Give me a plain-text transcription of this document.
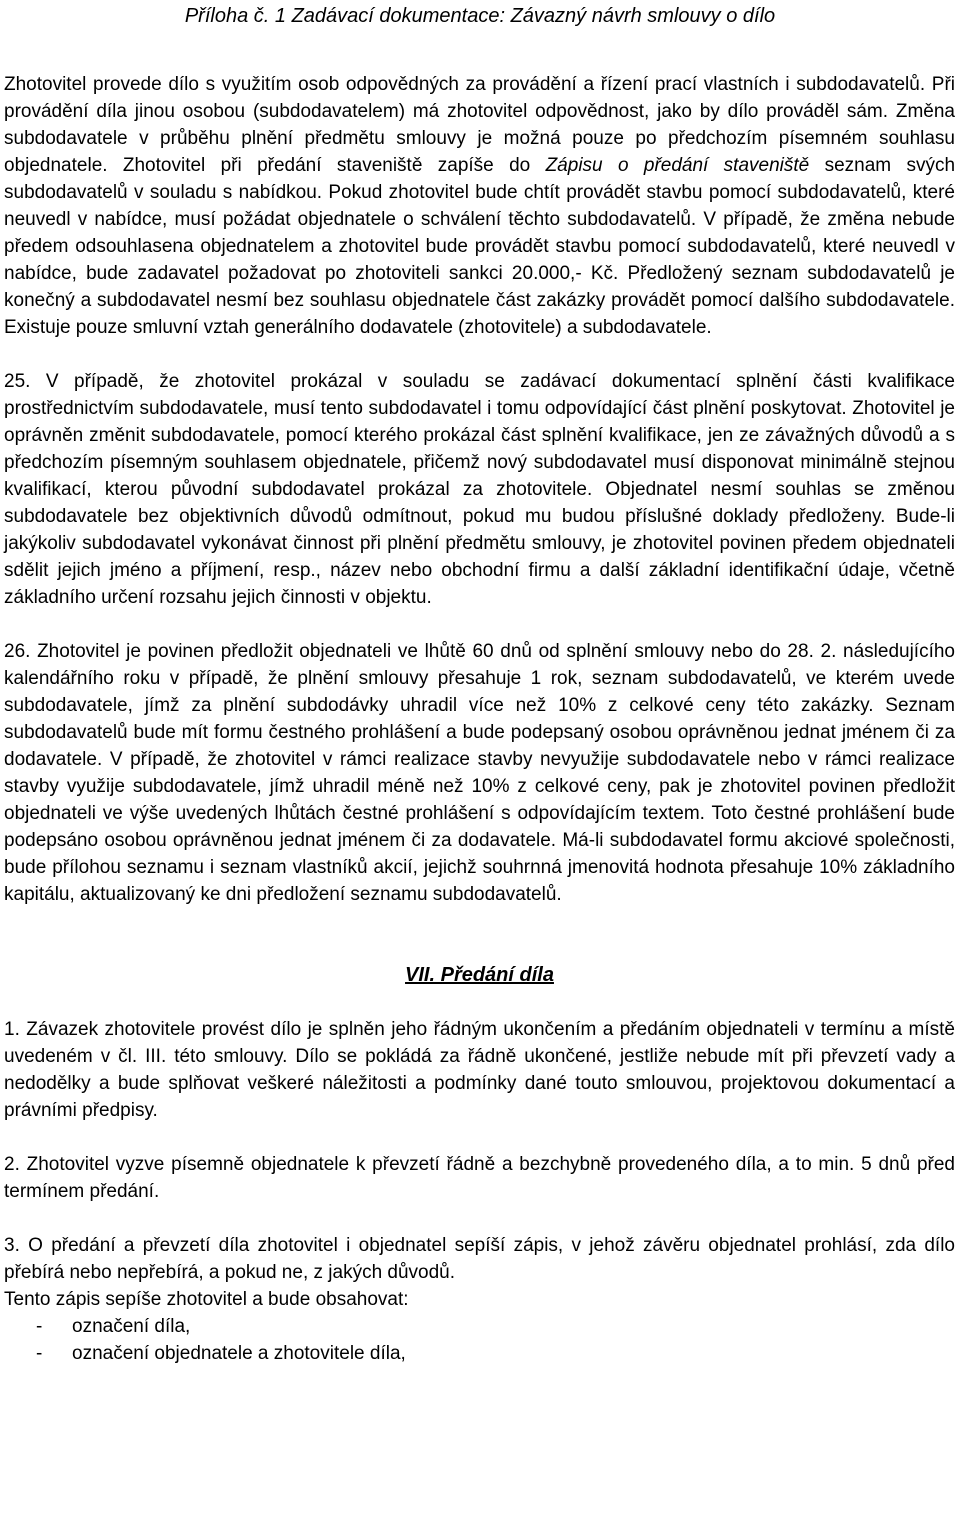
Příloha č. 1 Zadávací dokumentace: Závazný návrh smlouvy o dílo

Zhotovitel provede dílo s využitím osob odpovědných za provádění a řízení prací vlastních i subdodavatelů. Při provádění díla jinou osobou (subdodavatelem) má zhotovitel odpovědnost, jako by dílo prováděl sám. Změna subdodavatele v průběhu plnění předmětu smlouvy je možná pouze po předchozím písemném souhlasu objednatele. Zhotovitel při předání staveniště zapíše do Zápisu o předání staveniště seznam svých subdodavatelů v souladu s nabídkou. Pokud zhotovitel bude chtít provádět stavbu pomocí subdodavatelů, které neuvedl v nabídce, musí požádat objednatele o schválení těchto subdodavatelů. V případě, že změna nebude předem odsouhlasena objednatelem a zhotovitel bude provádět stavbu pomocí subdodavatelů, které neuvedl v nabídce, bude zadavatel požadovat po zhotoviteli sankci 20.000,- Kč. Předložený seznam subdodavatelů je konečný a subdodavatel nesmí bez souhlasu objednatele část zakázky provádět pomocí dalšího subdodavatele. Existuje pouze smluvní vztah generálního dodavatele (zhotovitele) a subdodavatele.

25. V případě, že zhotovitel prokázal v souladu se zadávací dokumentací splnění části kvalifikace prostřednictvím subdodavatele, musí tento subdodavatel i tomu odpovídající část plnění poskytovat. Zhotovitel je oprávněn změnit subdodavatele, pomocí kterého prokázal část splnění kvalifikace, jen ze závažných důvodů a s předchozím písemným souhlasem objednatele, přičemž nový subdodavatel musí disponovat minimálně stejnou kvalifikací, kterou původní subdodavatel prokázal za zhotovitele. Objednatel nesmí souhlas se změnou subdodavatele bez objektivních důvodů odmítnout, pokud mu budou příslušné doklady předloženy. Bude-li jakýkoliv subdodavatel vykonávat činnost při plnění předmětu smlouvy, je zhotovitel povinen předem objednateli sdělit jejich jméno a příjmení, resp., název nebo obchodní firmu a další základní identifikační údaje, včetně základního určení rozsahu jejich činnosti v objektu.

26. Zhotovitel je povinen předložit objednateli ve lhůtě 60 dnů od splnění smlouvy nebo do 28. 2. následujícího kalendářního roku v případě, že plnění smlouvy přesahuje 1 rok, seznam subdodavatelů, ve kterém uvede subdodavatele, jímž za plnění subdodávky uhradil více než 10% z celkové ceny této zakázky. Seznam subdodavatelů bude mít formu čestného prohlášení a bude podepsaný osobou oprávněnou jednat jménem či za dodavatele. V případě, že zhotovitel v rámci realizace stavby nevyužije subdodavatele nebo v rámci realizace stavby využije subdodavatele, jímž uhradil méně než 10% z celkové ceny, pak je zhotovitel povinen předložit objednateli ve výše uvedených lhůtách čestné prohlášení s odpovídajícím textem. Toto čestné prohlášení bude podepsáno osobou oprávněnou jednat jménem či za dodavatele. Má-li subdodavatel formu akciové společnosti, bude přílohou seznamu i seznam vlastníků akcií, jejichž souhrnná jmenovitá hodnota přesahuje 10% základního kapitálu, aktualizovaný ke dni předložení seznamu subdodavatelů.

VII. Předání díla

1. Závazek zhotovitele provést dílo je splněn jeho řádným ukončením a předáním objednateli v termínu a místě uvedeném v čl. III. této smlouvy. Dílo se pokládá za řádně ukončené, jestliže nebude mít při převzetí vady a nedodělky a bude splňovat veškeré náležitosti a podmínky dané touto smlouvou, projektovou dokumentací a právními předpisy.

2. Zhotovitel vyzve písemně objednatele k převzetí řádně a bezchybně provedeného díla, a to min. 5 dnů před termínem předání.

3. O předání a převzetí díla zhotovitel i objednatel sepíší zápis, v jehož závěru objednatel prohlásí, zda dílo přebírá nebo nepřebírá, a pokud ne, z jakých důvodů.

Tento zápis sepíše zhotovitel a bude obsahovat:

-	označení díla,
-	označení objednatele a zhotovitele díla,
